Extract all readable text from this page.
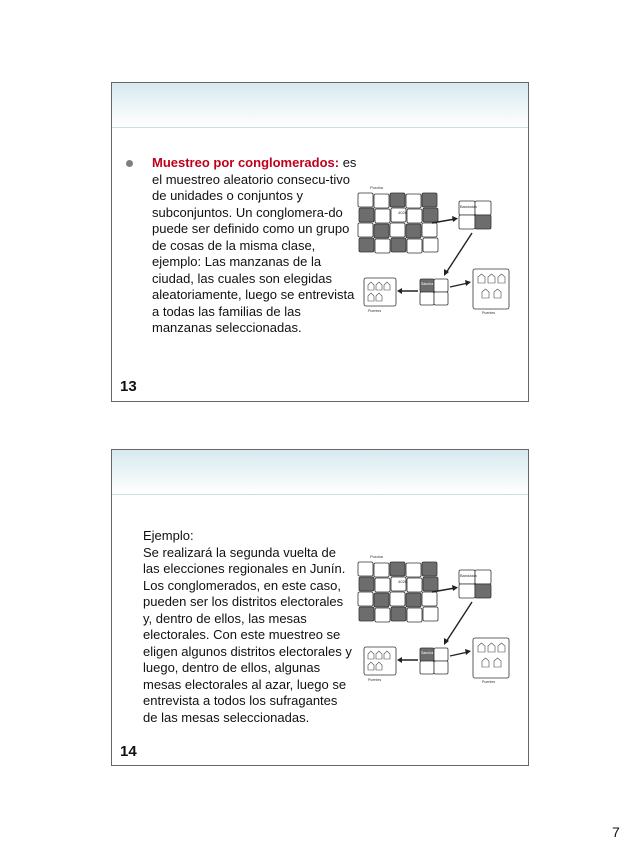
Muestreo por conglomerados: es el muestreo aleatorio consecu-tivo de unidades o conjuntos y subconjuntos. Un conglomera-do puede ser definido como un grupo de cosas de la misma clase, ejemplo: Las manzanas de la ciudad, las cuales son elegidas aleatoriamente, luego se entrevista a todas las familias de las manzanas seleccionadas.
Poroba
4026
Bandasia
Sancha
Puentes	Puentes
13
Ejemplo:
Se realizará la segunda vuelta de las elecciones regionales en Junín. Los conglomerados, en este caso, pueden ser los distritos electorales y, dentro de ellos, las mesas electorales. Con este muestreo se eligen algunos distritos electorales y luego, dentro de ellos, algunas mesas electorales al azar, luego se entrevista a todos los sufragantes de las mesas seleccionadas.
Poroba
4026
Bandasia
Sancha
Puentes	Puentes
14
7
